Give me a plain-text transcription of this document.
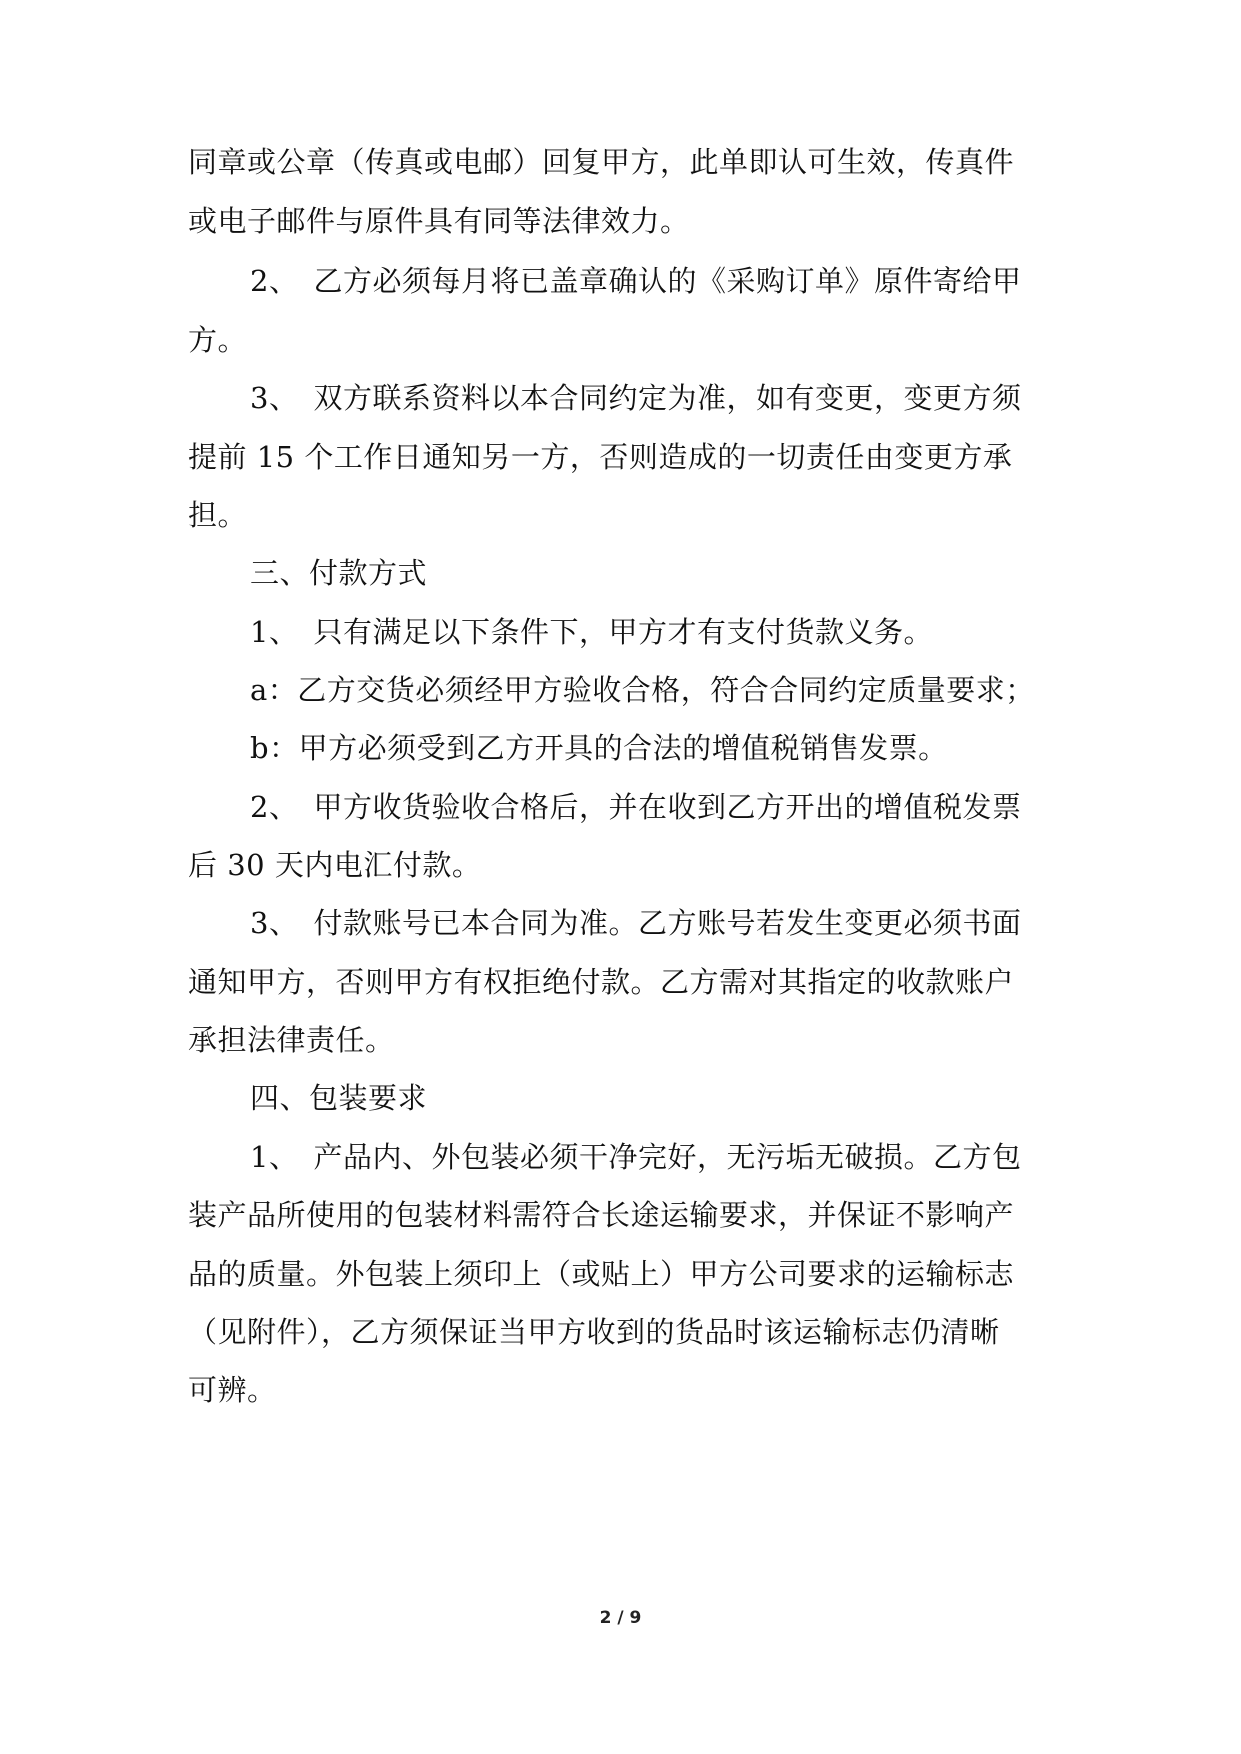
同章或公章（传真或电邮）回复甲方，此单即认可生效，传真件
或电子邮件与原件具有同等法律效力。
2、　乙方必须每月将已盖章确认的《采购订单》原件寄给甲
方。
3、　双方联系资料以本合同约定为准，如有变更，变更方须
提前 15 个工作日通知另一方，否则造成的一切责任由变更方承
担。
三、付款方式
1、　只有满足以下条件下，甲方才有支付货款义务。
a：乙方交货必须经甲方验收合格，符合合同约定质量要求；
b：甲方必须受到乙方开具的合法的增值税销售发票。
2、　甲方收货验收合格后，并在收到乙方开出的增值税发票
后 30 天内电汇付款。
3、　付款账号已本合同为准。乙方账号若发生变更必须书面
通知甲方，否则甲方有权拒绝付款。乙方需对其指定的收款账户
承担法律责任。
四、包装要求
1、　产品内、外包装必须干净完好，无污垢无破损。乙方包
装产品所使用的包装材料需符合长途运输要求，并保证不影响产
品的质量。外包装上须印上（或贴上）甲方公司要求的运输标志
（见附件），乙方须保证当甲方收到的货品时该运输标志仍清晰
可辨。
2 / 9
